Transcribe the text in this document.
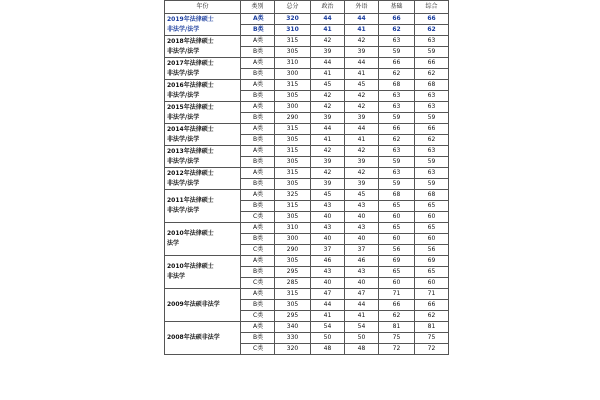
年份	类别	总分	政治	外语	基础	综合

2019年法律硕士
非法学/法学	A类	320	44	44	66	66
	B类	310	41	41	62	62

2018年法律硕士
非法学/法学	A类	315	42	42	63	63
	B类	305	39	39	59	59

2017年法律硕士
非法学/法学	A类	310	44	44	66	66
	B类	300	41	41	62	62

2016年法律硕士
非法学/法学	A类	315	45	45	68	68
	B类	305	42	42	63	63

2015年法律硕士
非法学/法学	A类	300	42	42	63	63
	B类	290	39	39	59	59

2014年法律硕士
非法学/法学	A类	315	44	44	66	66
	B类	305	41	41	62	62

2013年法律硕士
非法学/法学	A类	315	42	42	63	63
	B类	305	39	39	59	59

2012年法律硕士
非法学/法学	A类	315	42	42	63	63
	B类	305	39	39	59	59

2011年法律硕士
非法学/法学	A类	325	45	45	68	68
	B类	315	43	43	65	65
	C类	305	40	40	60	60

2010年法律硕士
法学	A类	310	43	43	65	65
	B类	300	40	40	60	60
	C类	290	37	37	56	56

2010年法律硕士
非法学	A类	305	46	46	69	69
	B类	295	43	43	65	65
	C类	285	40	40	60	60

2009年法硕非法学	A类	315	47	47	71	71
	B类	305	44	44	66	66
	C类	295	41	41	62	62

2008年法硕非法学	A类	340	54	54	81	81
	B类	330	50	50	75	75
	C类	320	48	48	72	72
